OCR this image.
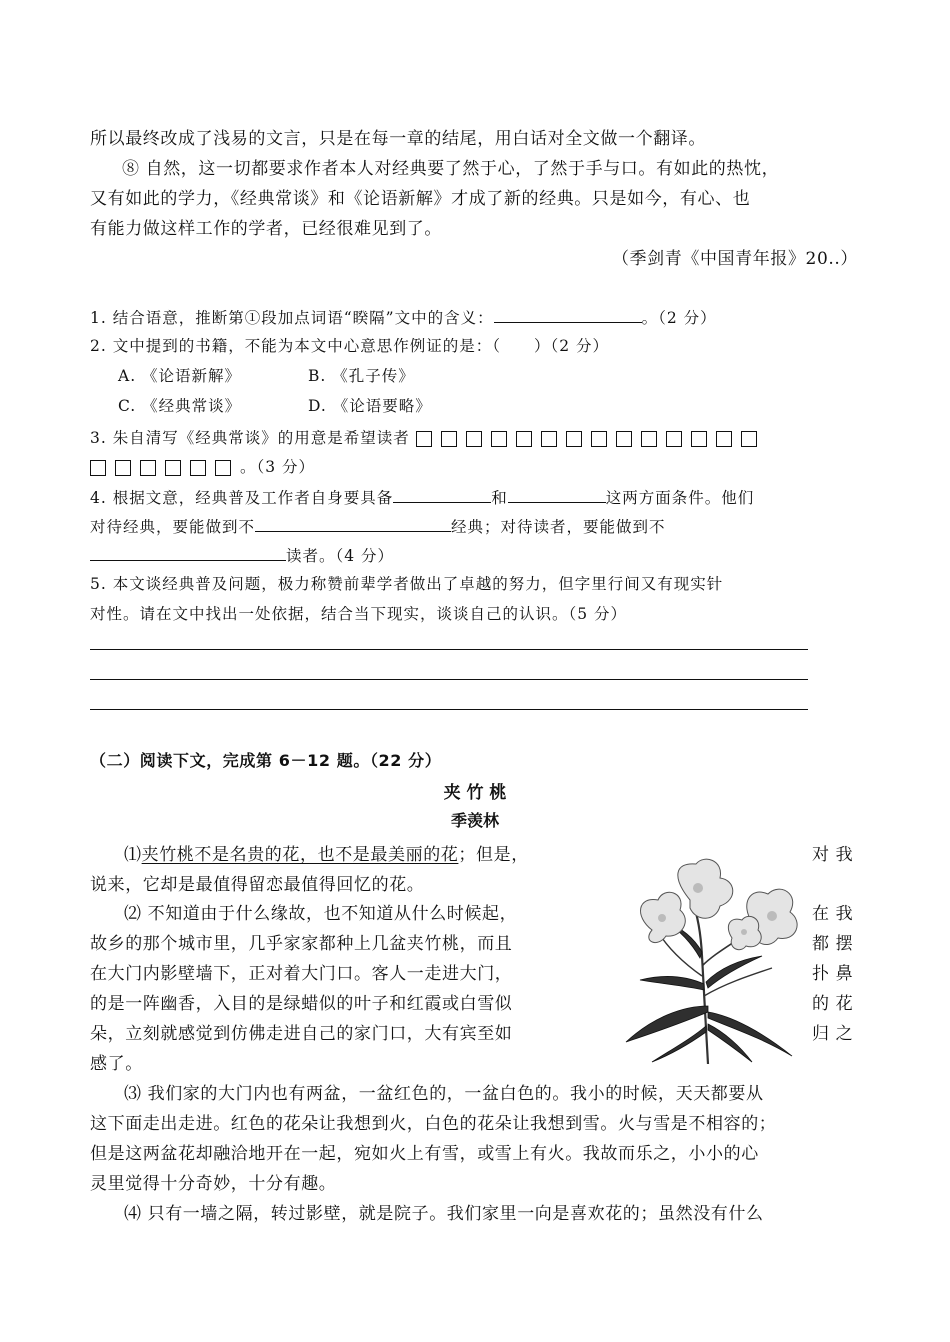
所以最终改成了浅易的文言，只是在每一章的结尾，用白话对全文做一个翻译。
⑧ 自然，这一切都要求作者本人对经典要了然于心，了然于手与口。有如此的热忱，
又有如此的学力，《经典常谈》和《论语新解》才成了新的经典。只是如今，有心、也
有能力做这样工作的学者，已经很难见到了。
（季剑青《中国青年报》20..）
1. 结合语意，推断第①段加点词语“睽隔”文中的含义：	。（2 分）
2. 文中提到的书籍，不能为本文中心意思作例证的是：（　　）（2 分）
A. 《论语新解》	B. 《孔子传》
C. 《经典常谈》	D. 《论语要略》
3. 朱自清写《经典常谈》的用意是希望读者
。（3 分）
4. 根据文意，经典普及工作者自身要具备	和	这两方面条件。他们
对待经典，要能做到不	经典；对待读者，要能做到不
读者。（4 分）
5. 本文谈经典普及问题，极力称赞前辈学者做出了卓越的努力，但字里行间又有现实针
对性。请在文中找出一处依据，结合当下现实，谈谈自己的认识。（5 分）
（二）阅读下文，完成第 6－12 题。（22 分）
夹 竹 桃
季羡林
⑴夹竹桃不是名贵的花，也不是最美丽的花；但是，	对 我
说来，它却是最值得留恋最值得回忆的花。
⑵ 不知道由于什么缘故，也不知道从什么时候起，	在 我
故乡的那个城市里，几乎家家都种上几盆夹竹桃，而且	都 摆
在大门内影壁墙下，正对着大门口。客人一走进大门，	扑 鼻
的是一阵幽香，入目的是绿蜡似的叶子和红霞或白雪似	的 花
朵，立刻就感觉到仿佛走进自己的家门口，大有宾至如	归 之
感了。
⑶ 我们家的大门内也有两盆，一盆红色的，一盆白色的。我小的时候，天天都要从
这下面走出走进。红色的花朵让我想到火，白色的花朵让我想到雪。火与雪是不相容的；
但是这两盆花却融洽地开在一起，宛如火上有雪，或雪上有火。我故而乐之，小小的心
灵里觉得十分奇妙，十分有趣。
⑷ 只有一墙之隔，转过影壁，就是院子。我们家里一向是喜欢花的；虽然没有什么
